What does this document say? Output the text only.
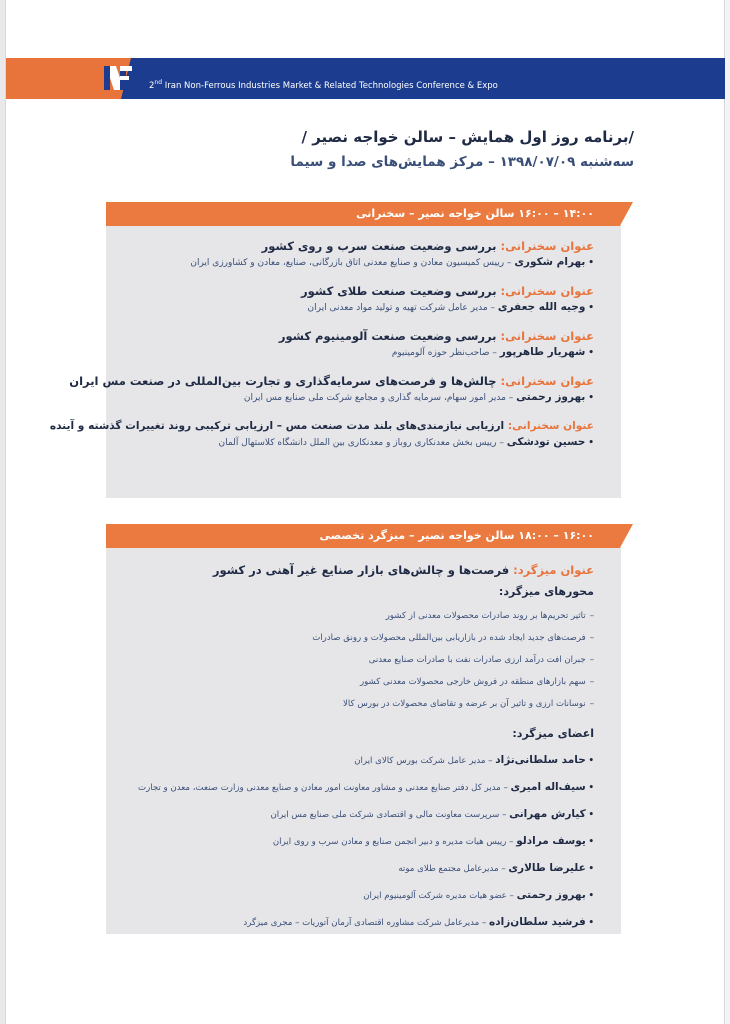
2nd Iran Non-Ferrous Industries Market & Related Technologies Conference & Expo
/برنامه روز اول همایش – سالن خواجه نصیر /
سه‌شنبه ۱۳۹۸/۰۷/۰۹ – مرکز همایش‌های صدا و سیما
۱۴:۰۰ – ۱۶:۰۰ سالن خواجه نصیر – سخنرانی
عنوان سخنرانی: بررسی وضعیت صنعت سرب و روی کشور
• بهرام شکوری – رییس کمیسیون معادن و صنایع معدنی اتاق بازرگانی، صنایع، معادن و کشاورزی ایران
عنوان سخنرانی: بررسی وضعیت صنعت طلای کشور
• وجیه الله جعفری – مدیر عامل شرکت تهیه و تولید مواد معدنی ایران
عنوان سخنرانی: بررسی وضعیت صنعت آلومینیوم کشور
• شهریار طاهرپور – صاحب‌نظر حوزه آلومینیوم
عنوان سخنرانی: چالش‌ها و فرصت‌های سرمایه‌گذاری و تجارت بین‌المللی در صنعت مس ایران
• بهروز رحمتی – مدیر امور سهام، سرمایه گذاری و مجامع شرکت ملی صنایع مس ایران
عنوان سخنرانی: ارزیابی نیازمندی‌های بلند مدت صنعت مس – ارزیابی ترکیبی روند تغییرات گذشته و آینده
• حسین تودشکی – رییس بخش معدنکاری روباز و معدنکاری بین الملل دانشگاه کلاستهال آلمان
۱۶:۰۰ – ۱۸:۰۰ سالن خواجه نصیر – میزگرد تخصصی
عنوان میزگرد: فرصت‌ها و چالش‌های بازار صنایع غیر آهنی در کشور
محورهای میزگرد:
–تاثیر تحریم‌ها بر روند صادرات محصولات معدنی از کشور
–فرصت‌های جدید ایجاد شده در بازاریابی بین‌المللی محصولات و رونق صادرات
–جبران افت درآمد ارزی صادرات نفت با صادرات صنایع معدنی
–سهم بازارهای منطقه در فروش خارجی محصولات معدنی کشور
–نوسانات ارزی و تاثیر آن بر عرضه و تقاضای محصولات در بورس کالا
اعضای میزگرد:
• حامد سلطانی‌نژاد – مدیر عامل شرکت بورس کالای ایران
• سیف‌اله امیری – مدیر کل دفتر صنایع معدنی و مشاور معاونت امور معادن و صنایع معدنی وزارت صنعت، معدن و تجارت
• کیارش مهرانی – سرپرست معاونت مالی و اقتصادی شرکت ملی صنایع مس ایران
• یوسف مرادلو – رییس هیات مدیره و دبیر انجمن صنایع و معادن سرب و روی ایران
• علیرضا طالاری – مدیرعامل مجتمع طلای موته
• بهروز رحمتی – عضو هیات مدیره شرکت آلومینیوم ایران
• فرشید سلطان‌زاده – مدیرعامل شرکت مشاوره اقتصادی آرمان آتوریات – مجری میزگرد
